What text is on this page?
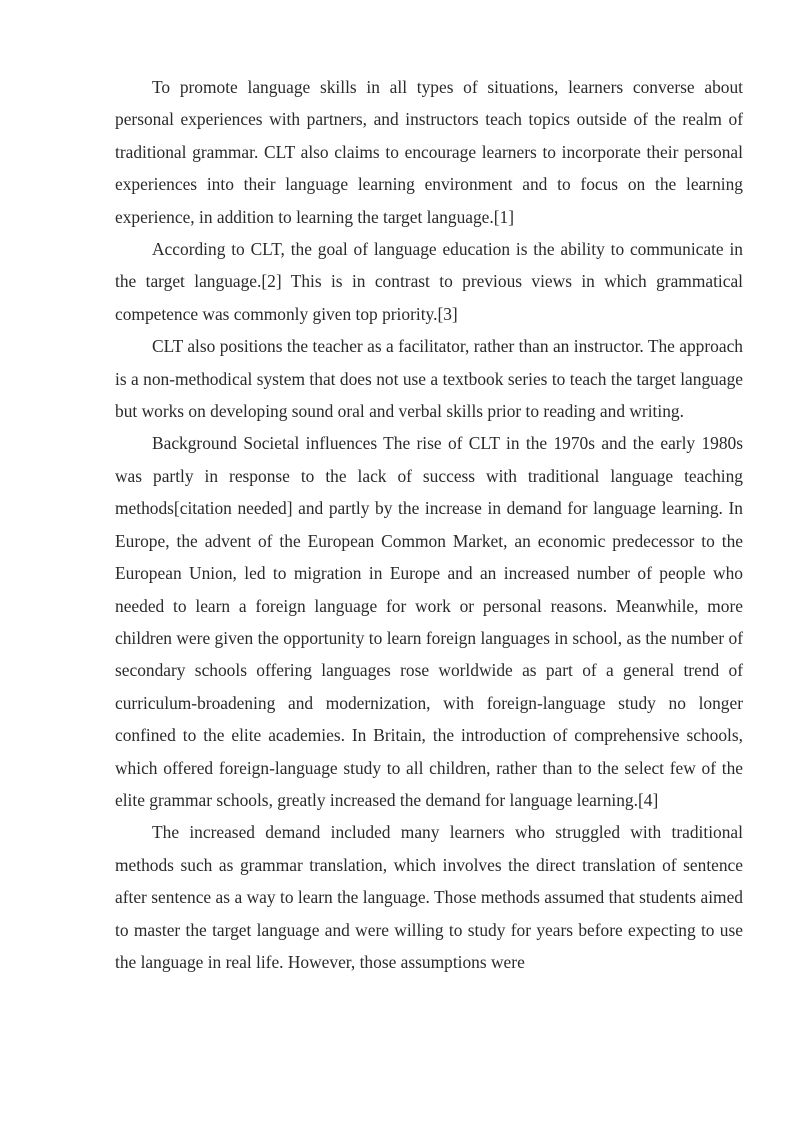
To promote language skills in all types of situations, learners converse about personal experiences with partners, and instructors teach topics outside of the realm of traditional grammar. CLT also claims to encourage learners to incorporate their personal experiences into their language learning environment and to focus on the learning experience, in addition to learning the target language.[1]

According to CLT, the goal of language education is the ability to communicate in the target language.[2] This is in contrast to previous views in which grammatical competence was commonly given top priority.[3]

CLT also positions the teacher as a facilitator, rather than an instructor. The approach is a non-methodical system that does not use a textbook series to teach the target language but works on developing sound oral and verbal skills prior to reading and writing.

Background Societal influences The rise of CLT in the 1970s and the early 1980s was partly in response to the lack of success with traditional language teaching methods[citation needed] and partly by the increase in demand for language learning. In Europe, the advent of the European Common Market, an economic predecessor to the European Union, led to migration in Europe and an increased number of people who needed to learn a foreign language for work or personal reasons. Meanwhile, more children were given the opportunity to learn foreign languages in school, as the number of secondary schools offering languages rose worldwide as part of a general trend of curriculum-broadening and modernization, with foreign-language study no longer confined to the elite academies. In Britain, the introduction of comprehensive schools, which offered foreign-language study to all children, rather than to the select few of the elite grammar schools, greatly increased the demand for language learning.[4]

The increased demand included many learners who struggled with traditional methods such as grammar translation, which involves the direct translation of sentence after sentence as a way to learn the language. Those methods assumed that students aimed to master the target language and were willing to study for years before expecting to use the language in real life. However, those assumptions were
